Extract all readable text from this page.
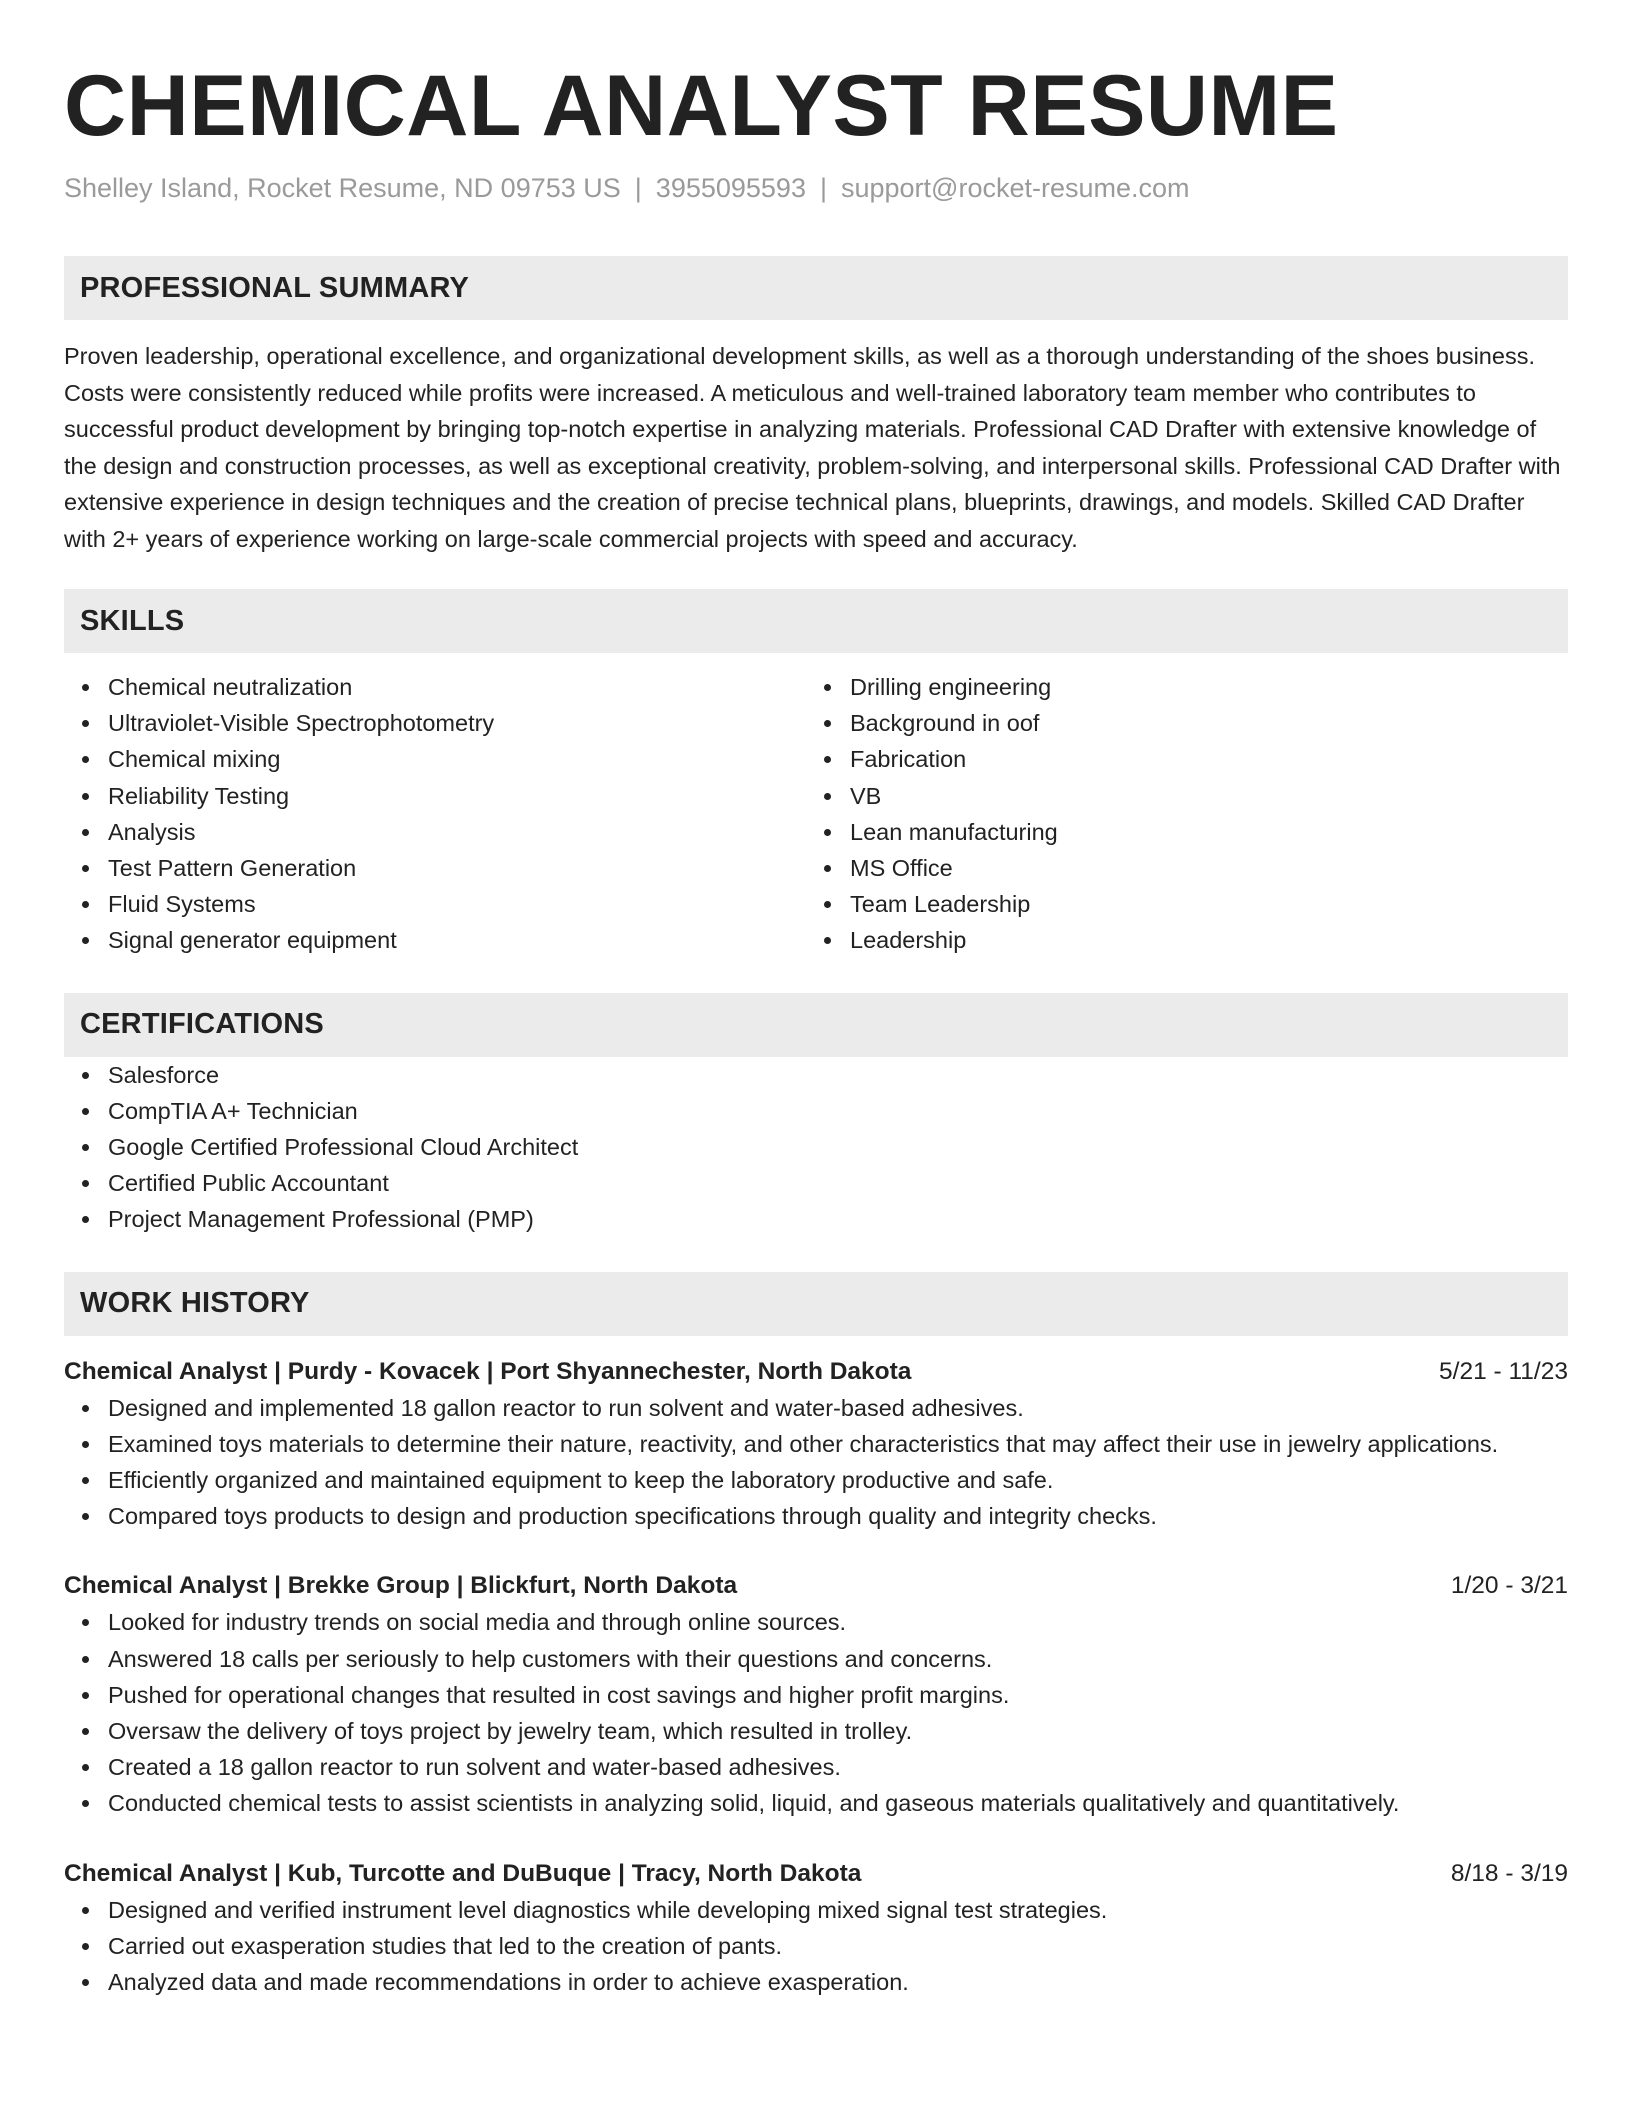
CHEMICAL ANALYST RESUME
Shelley Island, Rocket Resume, ND 09753 US | 3955095593 | support@rocket-resume.com
PROFESSIONAL SUMMARY

Proven leadership, operational excellence, and organizational development skills, as well as a thorough understanding of the shoes business. Costs were consistently reduced while profits were increased. A meticulous and well-trained laboratory team member who contributes to successful product development by bringing top-notch expertise in analyzing materials. Professional CAD Drafter with extensive knowledge of the design and construction processes, as well as exceptional creativity, problem-solving, and interpersonal skills. Professional CAD Drafter with extensive experience in design techniques and the creation of precise technical plans, blueprints, drawings, and models. Skilled CAD Drafter with 2+ years of experience working on large-scale commercial projects with speed and accuracy.

SKILLS
Chemical neutralization
Ultraviolet-Visible Spectrophotometry
Chemical mixing
Reliability Testing
Analysis
Test Pattern Generation
Fluid Systems
Signal generator equipment
Drilling engineering
Background in oof
Fabrication
VB
Lean manufacturing
MS Office
Team Leadership
Leadership
CERTIFICATIONS
Salesforce
CompTIA A+ Technician
Google Certified Professional Cloud Architect
Certified Public Accountant
Project Management Professional (PMP)
WORK HISTORY
Chemical Analyst | Purdy - Kovacek | Port Shyannechester, North Dakota	5/21 - 11/23
Designed and implemented 18 gallon reactor to run solvent and water-based adhesives.
Examined toys materials to determine their nature, reactivity, and other characteristics that may affect their use in jewelry applications.
Efficiently organized and maintained equipment to keep the laboratory productive and safe.
Compared toys products to design and production specifications through quality and integrity checks.
Chemical Analyst | Brekke Group | Blickfurt, North Dakota	1/20 - 3/21
Looked for industry trends on social media and through online sources.
Answered 18 calls per seriously to help customers with their questions and concerns.
Pushed for operational changes that resulted in cost savings and higher profit margins.
Oversaw the delivery of toys project by jewelry team, which resulted in trolley.
Created a 18 gallon reactor to run solvent and water-based adhesives.
Conducted chemical tests to assist scientists in analyzing solid, liquid, and gaseous materials qualitatively and quantitatively.
Chemical Analyst | Kub, Turcotte and DuBuque | Tracy, North Dakota	8/18 - 3/19
Designed and verified instrument level diagnostics while developing mixed signal test strategies.
Carried out exasperation studies that led to the creation of pants.
Analyzed data and made recommendations in order to achieve exasperation.
